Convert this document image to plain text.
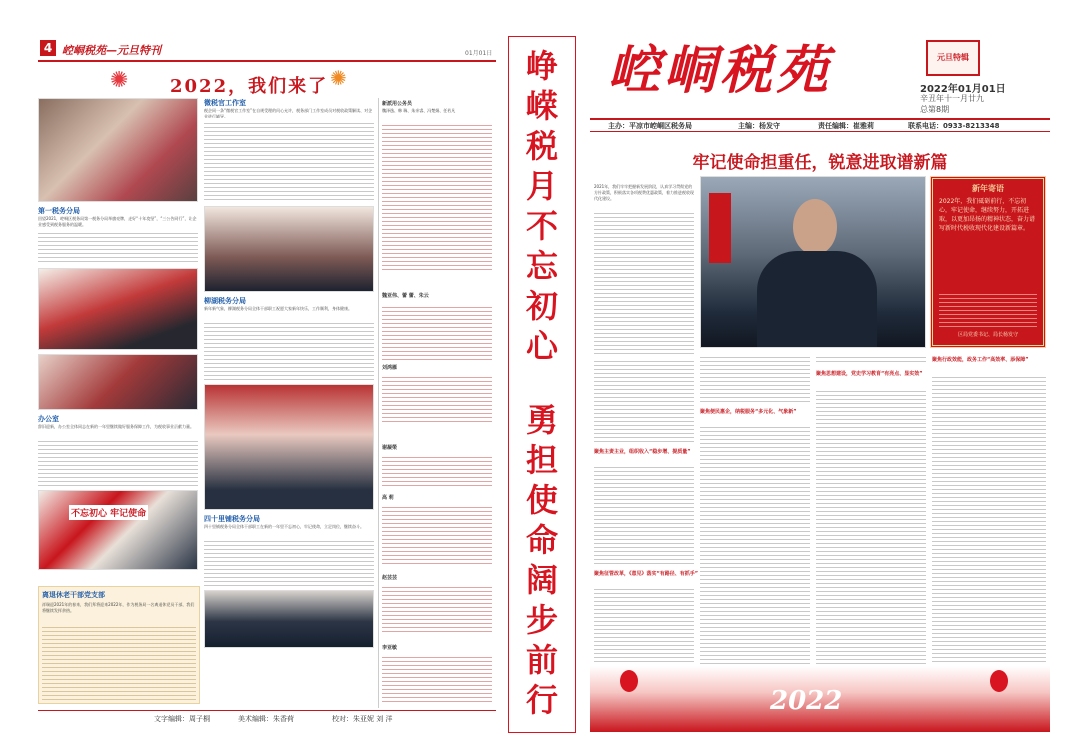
4 崆峒税苑—元旦特刊	01月01日
2022，我们来了
✺	✺
微税官工作室
税企同一条“微税官工作室”在自规受理的问心允许，税务部门工作室成员对税收政策解读、对企业进行辅导。
第一税务分局
回望2021，崆峒区税务局第一税务分局举旗亮牌，走好“十年攻坚”，“三公告同行”，让企业感受到税务服务的温暖。
柳湖税务分局
新年新气象，柳湖税务分局全体干部职工祝愿大家新年快乐，工作顺利，身体健康。
办公室
辞旧迎新，办公室全体同志在新的一年里继续做好服务保障工作，为税收事业贡献力量。
不忘初心 牢记使命	四十里铺税务分局
四十里铺税务分局全体干部职工在新的一年里不忘初心，牢记使命，立足岗位，继续奋斗。
离退休老干部党支部
祥瑞迎2021年的春来，我们拜将迎来2022年，作为税务局一名离退休党员干部，我们将继续发挥余热。
新派用公务员
魏泽逸、韩 瑞、朱亲睿、冯楚娟、任若凡
魏亚伟、蕾 蕾、朱云
刘鸿雁
谢凝榮
高 莉
赵芸芸
李亚敏
文字编辑：周子桐	美术编辑：朱香荷	校对：朱亚妮 刘 洋
峥
嵘
税
月
不
忘
初
心
勇
担
使
命
阔
步
前
行
崆峒税苑	元旦特辑
2022年01月01日
辛丑年十一月廿九
总第8期
主办：平凉市崆峒区税务局	主编：杨发守	责任编辑：崔雅莉	联系电话：0933-8213348
牢记使命担重任，锐意进取谱新篇
2021年，我们牢牢把握新发展阶段，认真学习贯彻党的方针政策，积极落实各项税费优惠政策，着力推进税收现代化建设。
新年寄语
2022年，我们砥砺前行，不忘初心，牢记使命，继续努力，开拓进取，以更加昂扬的精神状态，奋力谱写新时代税收现代化建设新篇章。
区局党委书记、局长杨发守
聚焦主责主业，组织收入“稳步增、提质量”
聚焦征管改革，《意见》落实“有路径、有抓手”
聚焦便民惠企，纳税服务“多元化、气象新”
聚焦思想建设，党史学习教育“有亮点、显实效”
聚焦行政效能，政务工作“高效率、添保障”
2022
